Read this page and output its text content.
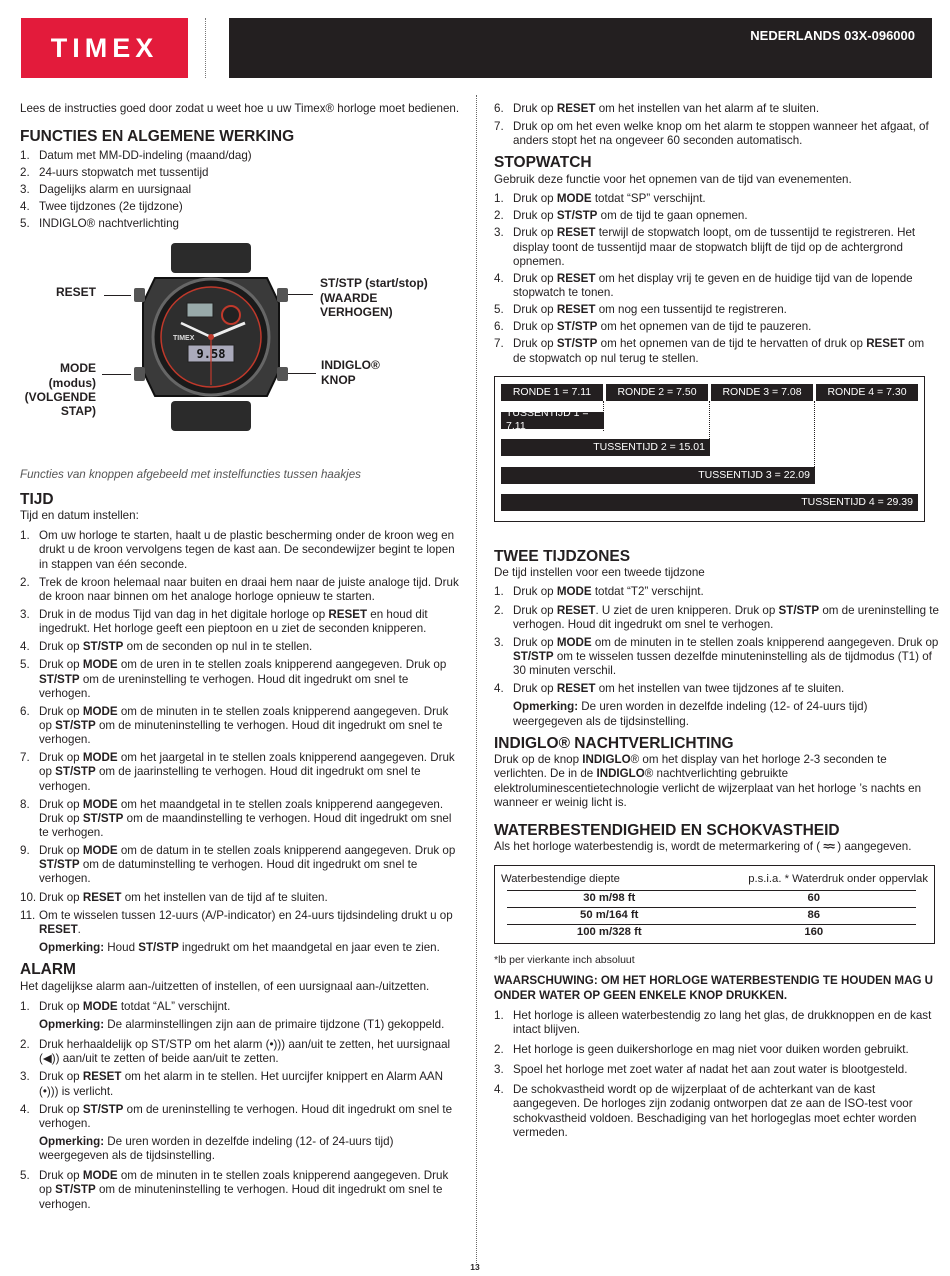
TIMEX	NEDERLANDS 03X-096000

Lees de instructies goed door zodat u weet hoe u uw Timex® horloge moet bedienen.

FUNCTIES EN ALGEMENE WERKING
1. Datum met MM-DD-indeling (maand/dag)
2. 24-uurs stopwatch met tussentijd
3. Dagelijks alarm en uursignaal
4. Twee tijdzones (2e tijdzone)
5. INDIGLO® nachtverlichting
RESET
MODE (modus) (VOLGENDE STAP)
ST/STP (start/stop) (WAARDE VERHOGEN)
INDIGLO® KNOP
9.58
TIMEX

Functies van knoppen afgebeeld met instelfuncties tussen haakjes

TIJD

Tijd en datum instellen:

1. Om uw horloge te starten, haalt u de plastic bescherming onder de kroon weg en drukt u de kroon vervolgens tegen de kast aan. De secondewijzer begint te lopen in stappen van één seconde.
2. Trek de kroon helemaal naar buiten en draai hem naar de juiste analoge tijd. Druk de kroon naar binnen om het analoge horloge opnieuw te starten.
3. Druk in de modus Tijd van dag in het digitale horloge op RESET en houd dit ingedrukt. Het horloge geeft een pieptoon en u ziet de seconden knipperen.
4. Druk op ST/STP om de seconden op nul in te stellen.
5. Druk op MODE om de uren in te stellen zoals knipperend aangegeven. Druk op ST/STP om de ureninstelling te verhogen. Houd dit ingedrukt om snel te verhogen.
6. Druk op MODE om de minuten in te stellen zoals knipperend aangegeven. Druk op ST/STP om de minuteninstelling te verhogen. Houd dit ingedrukt om snel te verhogen.
7. Druk op MODE om het jaargetal in te stellen zoals knipperend aangegeven. Druk op ST/STP om de jaarinstelling te verhogen. Houd dit ingedrukt om snel te verhogen.
8. Druk op MODE om het maandgetal in te stellen zoals knipperend aangegeven. Druk op ST/STP om de maandinstelling te verhogen. Houd dit ingedrukt om snel te verhogen.
9. Druk op MODE om de datum in te stellen zoals knipperend aangegeven. Druk op ST/STP om de datuminstelling te verhogen. Houd dit ingedrukt om snel te verhogen.
10. Druk op RESET om het instellen van de tijd af te sluiten.
11. Om te wisselen tussen 12-uurs (A/P-indicator) en 24-uurs tijdsindeling drukt u op RESET.

Opmerking: Houd ST/STP ingedrukt om het maandgetal en jaar even te zien.

ALARM

Het dagelijkse alarm aan-/uitzetten of instellen, of een uursignaal aan-/uitzetten.

1. Druk op MODE totdat “AL” verschijnt.

Opmerking: De alarminstellingen zijn aan de primaire tijdzone (T1) gekoppeld.

2. Druk herhaaldelijk op ST/STP om het alarm (•))) aan/uit te zetten, het uursignaal (◀)) aan/uit te zetten of beide aan/uit te zetten.
3. Druk op RESET om het alarm in te stellen. Het uurcijfer knippert en Alarm AAN (•))) is verlicht.
4. Druk op ST/STP om de ureninstelling te verhogen. Houd dit ingedrukt om snel te verhogen.

Opmerking: De uren worden in dezelfde indeling (12- of 24-uurs tijd) weergegeven als de tijdsinstelling.

5. Druk op MODE om de minuten in te stellen zoals knipperend aangegeven. Druk op ST/STP om de minuteninstelling te verhogen. Houd dit ingedrukt om snel te verhogen.
6. Druk op RESET om het instellen van het alarm af te sluiten.
7. Druk op om het even welke knop om het alarm te stoppen wanneer het afgaat, of anders stopt het na ongeveer 60 seconden automatisch.
STOPWATCH

Gebruik deze functie voor het opnemen van de tijd van evenementen.

1. Druk op MODE totdat “SP” verschijnt.
2. Druk op ST/STP om de tijd te gaan opnemen.
3. Druk op RESET terwijl de stopwatch loopt, om de tussentijd te registreren. Het display toont de tussentijd maar de stopwatch blijft de tijd op de achtergrond opnemen.
4. Druk op RESET om het display vrij te geven en de huidige tijd van de lopende stopwatch te tonen.
5. Druk op RESET om nog een tussentijd te registreren.
6. Druk op ST/STP om het opnemen van de tijd te pauzeren.
7. Druk op ST/STP om het opnemen van de tijd te hervatten of druk op RESET om de stopwatch op nul terug te stellen.
RONDE 1 = 7.11	RONDE 2 = 7.50	RONDE 3 = 7.08	RONDE 4 = 7.30
TUSSENTIJD 1 = 7.11
TUSSENTIJD 2 = 15.01
TUSSENTIJD 3 = 22.09
TUSSENTIJD 4 = 29.39
TWEE TIJDZONES

De tijd instellen voor een tweede tijdzone

1. Druk op MODE totdat “T2” verschijnt.
2. Druk op RESET. U ziet de uren knipperen. Druk op ST/STP om de ureninstelling te verhogen. Houd dit ingedrukt om snel te verhogen.
3. Druk op MODE om de minuten in te stellen zoals knipperend aangegeven. Druk op ST/STP om te wisselen tussen dezelfde minuteninstelling als de tijdmodus (T1) of 30 minuten verschil.
4. Druk op RESET om het instellen van twee tijdzones af te sluiten.

Opmerking: De uren worden in dezelfde indeling (12- of 24-uurs tijd) weergegeven als de tijdsinstelling.

INDIGLO® NACHTVERLICHTING

Druk op de knop INDIGLO® om het display van het horloge 2-3 seconden te verlichten. De in de INDIGLO® nachtverlichting gebruikte elektroluminescentietechnologie verlicht de wijzerplaat van het horloge ’s nachts en wanneer er weinig licht is.

WATERBESTENDIGHEID EN SCHOKVASTHEID

Als het horloge waterbestendig is, wordt de metermarkering of ( ≈≈ ) aangegeven.

Waterbestendige diepte	p.s.i.a. * Waterdruk onder oppervlak
30 m/98 ft	60
50 m/164 ft	86
100 m/328 ft	160

*lb per vierkante inch absoluut

WAARSCHUWING: OM HET HORLOGE WATERBESTENDIG TE HOUDEN MAG U ONDER WATER OP GEEN ENKELE KNOP DRUKKEN.

1. Het horloge is alleen waterbestendig zo lang het glas, de drukknoppen en de kast intact blijven.
2. Het horloge is geen duikershorloge en mag niet voor duiken worden gebruikt.
3. Spoel het horloge met zoet water af nadat het aan zout water is blootgesteld.
4. De schokvastheid wordt op de wijzerplaat of de achterkant van de kast aangegeven. De horloges zijn zodanig ontworpen dat ze aan de ISO-test voor schokvastheid voldoen. Beschadiging van het horlogeglas moet echter worden vermeden.
13
